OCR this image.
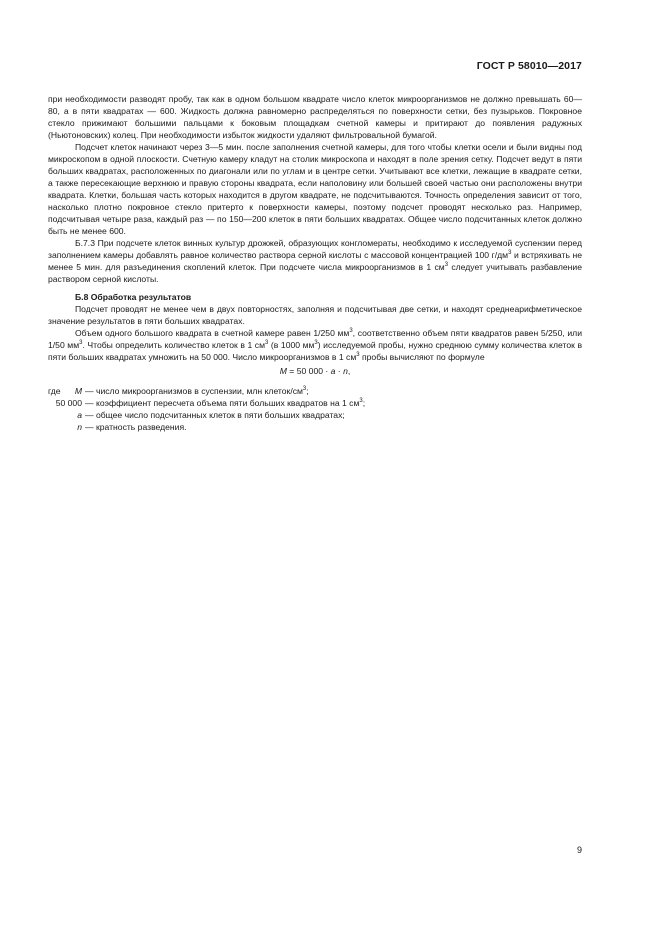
ГОСТ Р 58010—2017

при необходимости разводят пробу, так как в одном большом квадрате число клеток микроорганизмов не должно превышать 60—80, а в пяти квадратах — 600. Жидкость должна равномерно распределяться по поверхности сетки, без пузырьков. Покровное стекло прижимают большими пальцами к боковым площадкам счетной камеры и притирают до появления радужных (Ньютоновских) колец. При необходимости избыток жидкости удаляют фильтровальной бумагой.

Подсчет клеток начинают через 3—5 мин. после заполнения счетной камеры, для того чтобы клетки осели и были видны под микроскопом в одной плоскости. Счетную камеру кладут на столик микроскопа и находят в поле зрения сетку. Подсчет ведут в пяти больших квадратах, расположенных по диагонали или по углам и в центре сетки. Учитывают все клетки, лежащие в квадрате сетки, а также пересекающие верхнюю и правую стороны квадрата, если наполовину или большей своей частью они расположены внутри квадрата. Клетки, большая часть которых находится в другом квадрате, не подсчитываются. Точность определения зависит от того, насколько плотно покровное стекло притерто к поверхности камеры, поэтому подсчет проводят несколько раз. Например, подсчитывая четыре раза, каждый раз — по 150—200 клеток в пяти больших квадратах. Общее число подсчитанных клеток должно быть не менее 600.

Б.7.3 При подсчете клеток винных культур дрожжей, образующих конгломераты, необходимо к исследуемой суспензии перед заполнением камеры добавлять равное количество раствора серной кислоты с массовой концентрацией 100 $г/дм^3$ и встряхивать не менее 5 мин. для разъединения скоплений клеток. При подсчете числа микроорганизмов в 1 $см^3$ следует учитывать разбавление раствором серной кислоты.

Б.8 Обработка результатов

Подсчет проводят не менее чем в двух повторностях, заполняя и подсчитывая две сетки, и находят среднеарифметическое значение результатов в пяти больших квадратах.

Объем одного большого квадрата в счетной камере равен 1/250 $мм^3$, соответственно объем пяти квадратов равен 5/250, или 1/50 $мм^3$. Чтобы определить количество клеток в 1 $см^3$ (в 1000 $мм^3$) исследуемой пробы, нужно среднюю сумму количества клеток в пяти больших квадратах умножить на 50 000. Число микроорганизмов в 1 $см^3$ пробы вычисляют по формуле

M = 50 000 · a · n,

где	M — число микроорганизмов в суспензии, млн клеток/$см^3$;
50 000 — коэффициент пересчета объема пяти больших квадратов на 1 $см^3$;
a — общее число подсчитанных клеток в пяти больших квадратах;
n — кратность разведения.
9
